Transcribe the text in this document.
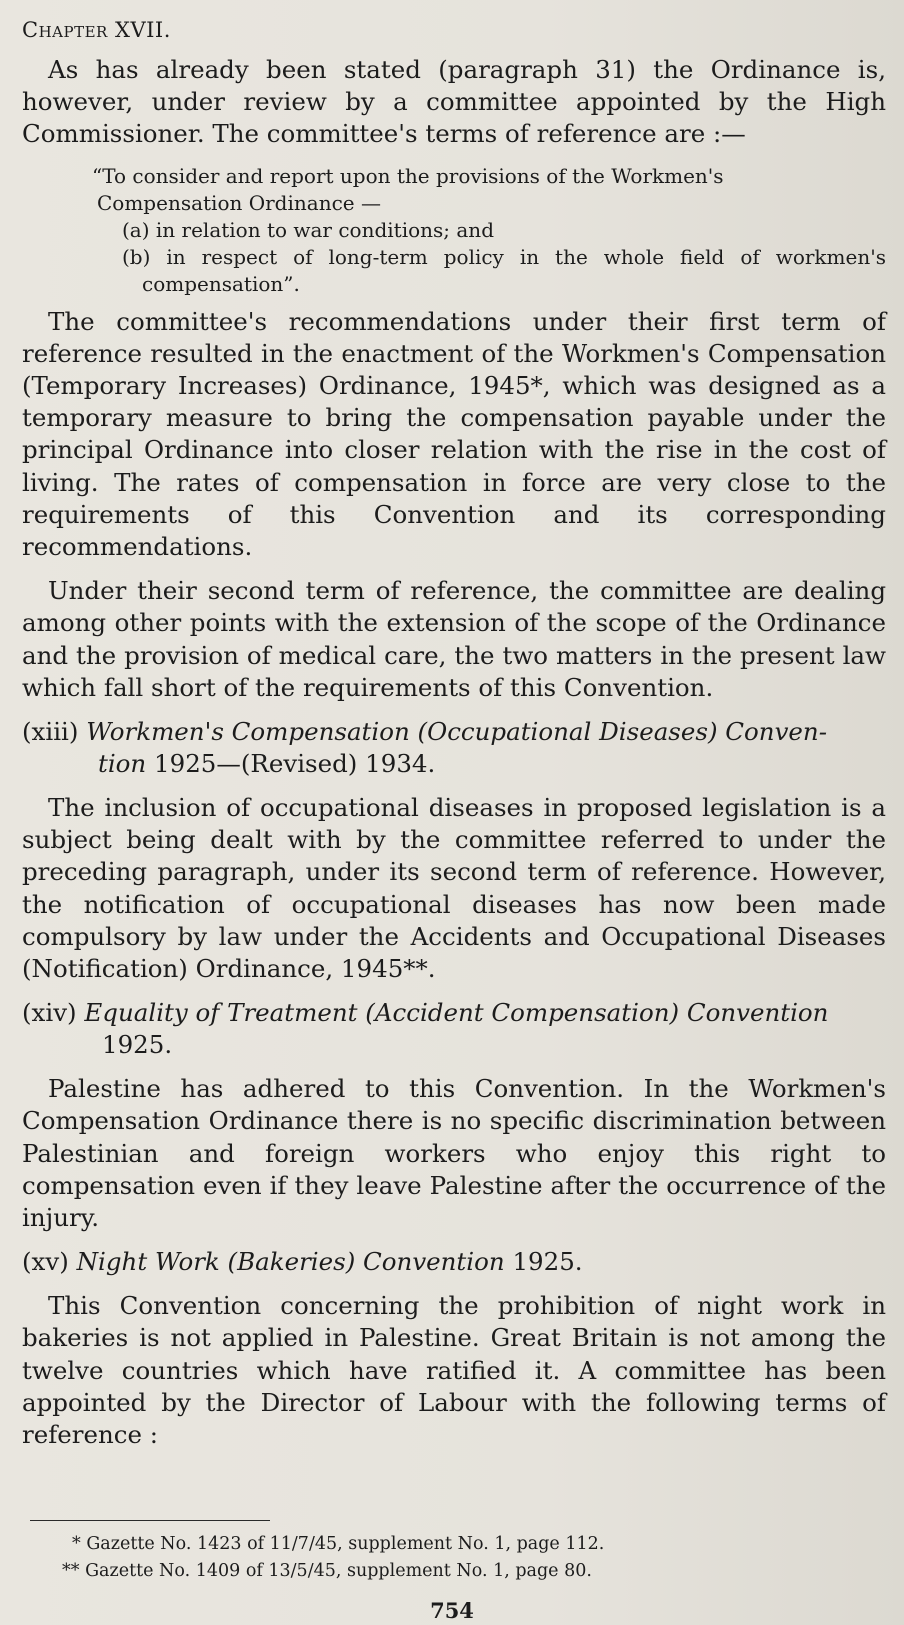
Chapter XVII.

As has already been stated (paragraph 31) the Ordinance is, however, under review by a committee appointed by the High Commissioner. The committee's terms of reference are :—

“To consider and report upon the provisions of the Workmen's

Compensation Ordinance —

(a) in relation to war conditions; and

(b) in respect of long-term policy in the whole field of workmen's compensation”.

The committee's recommendations under their first term of reference resulted in the enactment of the Workmen's Compensation (Temporary Increases) Ordinance, 1945*, which was designed as a temporary measure to bring the compensation payable under the principal Ordinance into closer relation with the rise in the cost of living. The rates of compensation in force are very close to the requirements of this Convention and its corresponding recommendations.

Under their second term of reference, the committee are dealing among other points with the extension of the scope of the Ordinance and the provision of medical care, the two matters in the present law which fall short of the requirements of this Convention.

(xiii) Workmen's Compensation (Occupational Diseases) Conven-
tion 1925—(Revised) 1934.

The inclusion of occupational diseases in proposed legislation is a subject being dealt with by the committee referred to under the preceding paragraph, under its second term of reference. However, the notification of occupational diseases has now been made compulsory by law under the Accidents and Occupational Diseases (Notification) Ordinance, 1945**.

(xiv) Equality of Treatment (Accident Compensation) Convention
1925.

Palestine has adhered to this Convention. In the Workmen's Compensation Ordinance there is no specific discrimination between Palestinian and foreign workers who enjoy this right to compensation even if they leave Palestine after the occurrence of the injury.

(xv) Night Work (Bakeries) Convention 1925.

This Convention concerning the prohibition of night work in bakeries is not applied in Palestine. Great Britain is not among the twelve countries which have ratified it. A committee has been appointed by the Director of Labour with the following terms of reference :

* Gazette No. 1423 of 11/7/45, supplement No. 1, page 112.

** Gazette No. 1409 of 13/5/45, supplement No. 1, page 80.

754
